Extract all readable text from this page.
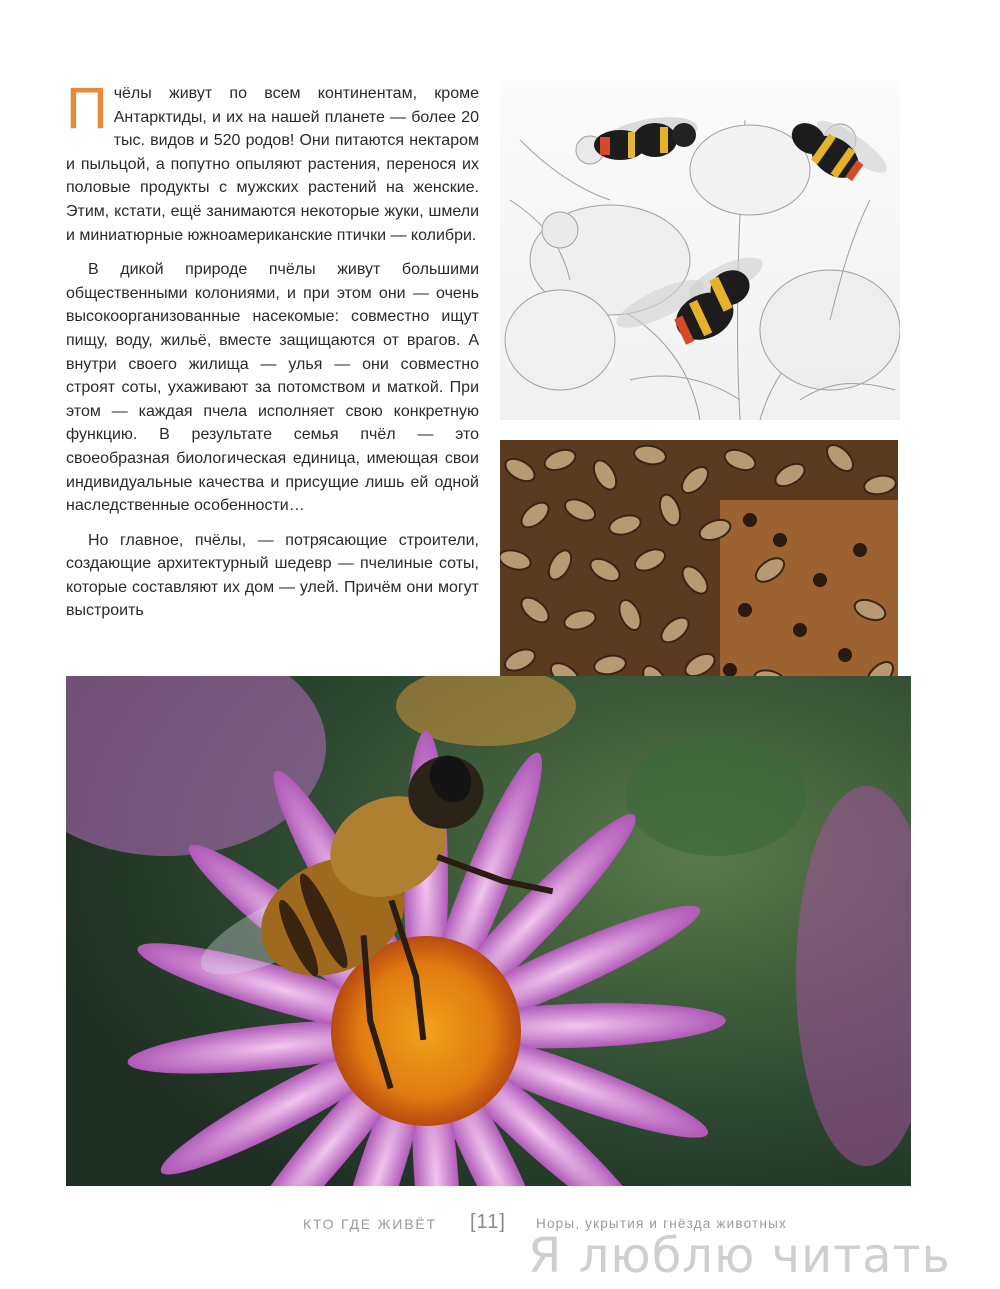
Пчёлы живут по всем континентам, кроме Антарктиды, и их на нашей планете — более 20 тыс. видов и 520 родов! Они питаются нектаром и пыльцой, а попутно опыляют растения, перенося их половые продукты с мужских растений на женские. Этим, кстати, ещё занимаются некоторые жуки, шмели и миниатюрные южноамериканские птички — колибри.

В дикой природе пчёлы живут большими общественными колониями, и при этом они — очень высокоорганизованные насекомые: совместно ищут пищу, воду, жильё, вместе защищаются от врагов. А внутри своего жилища — улья — они совместно строят соты, ухаживают за потомством и маткой. При этом — каждая пчела исполняет свою конкретную функцию. В результате семья пчёл — это своеобразная биологическая единица, имеющая свои индивидуальные качества и присущие лишь ей одной наследственные особенности…

Но главное, пчёлы, — потрясающие строители, создающие архитектурный шедевр — пчелиные соты, которые составляют их дом — улей. Причём они могут выстроить

КТО ГДЕ ЖИВЁТ [11] Норы, укрытия и гнёзда животных
Я люблю читать
